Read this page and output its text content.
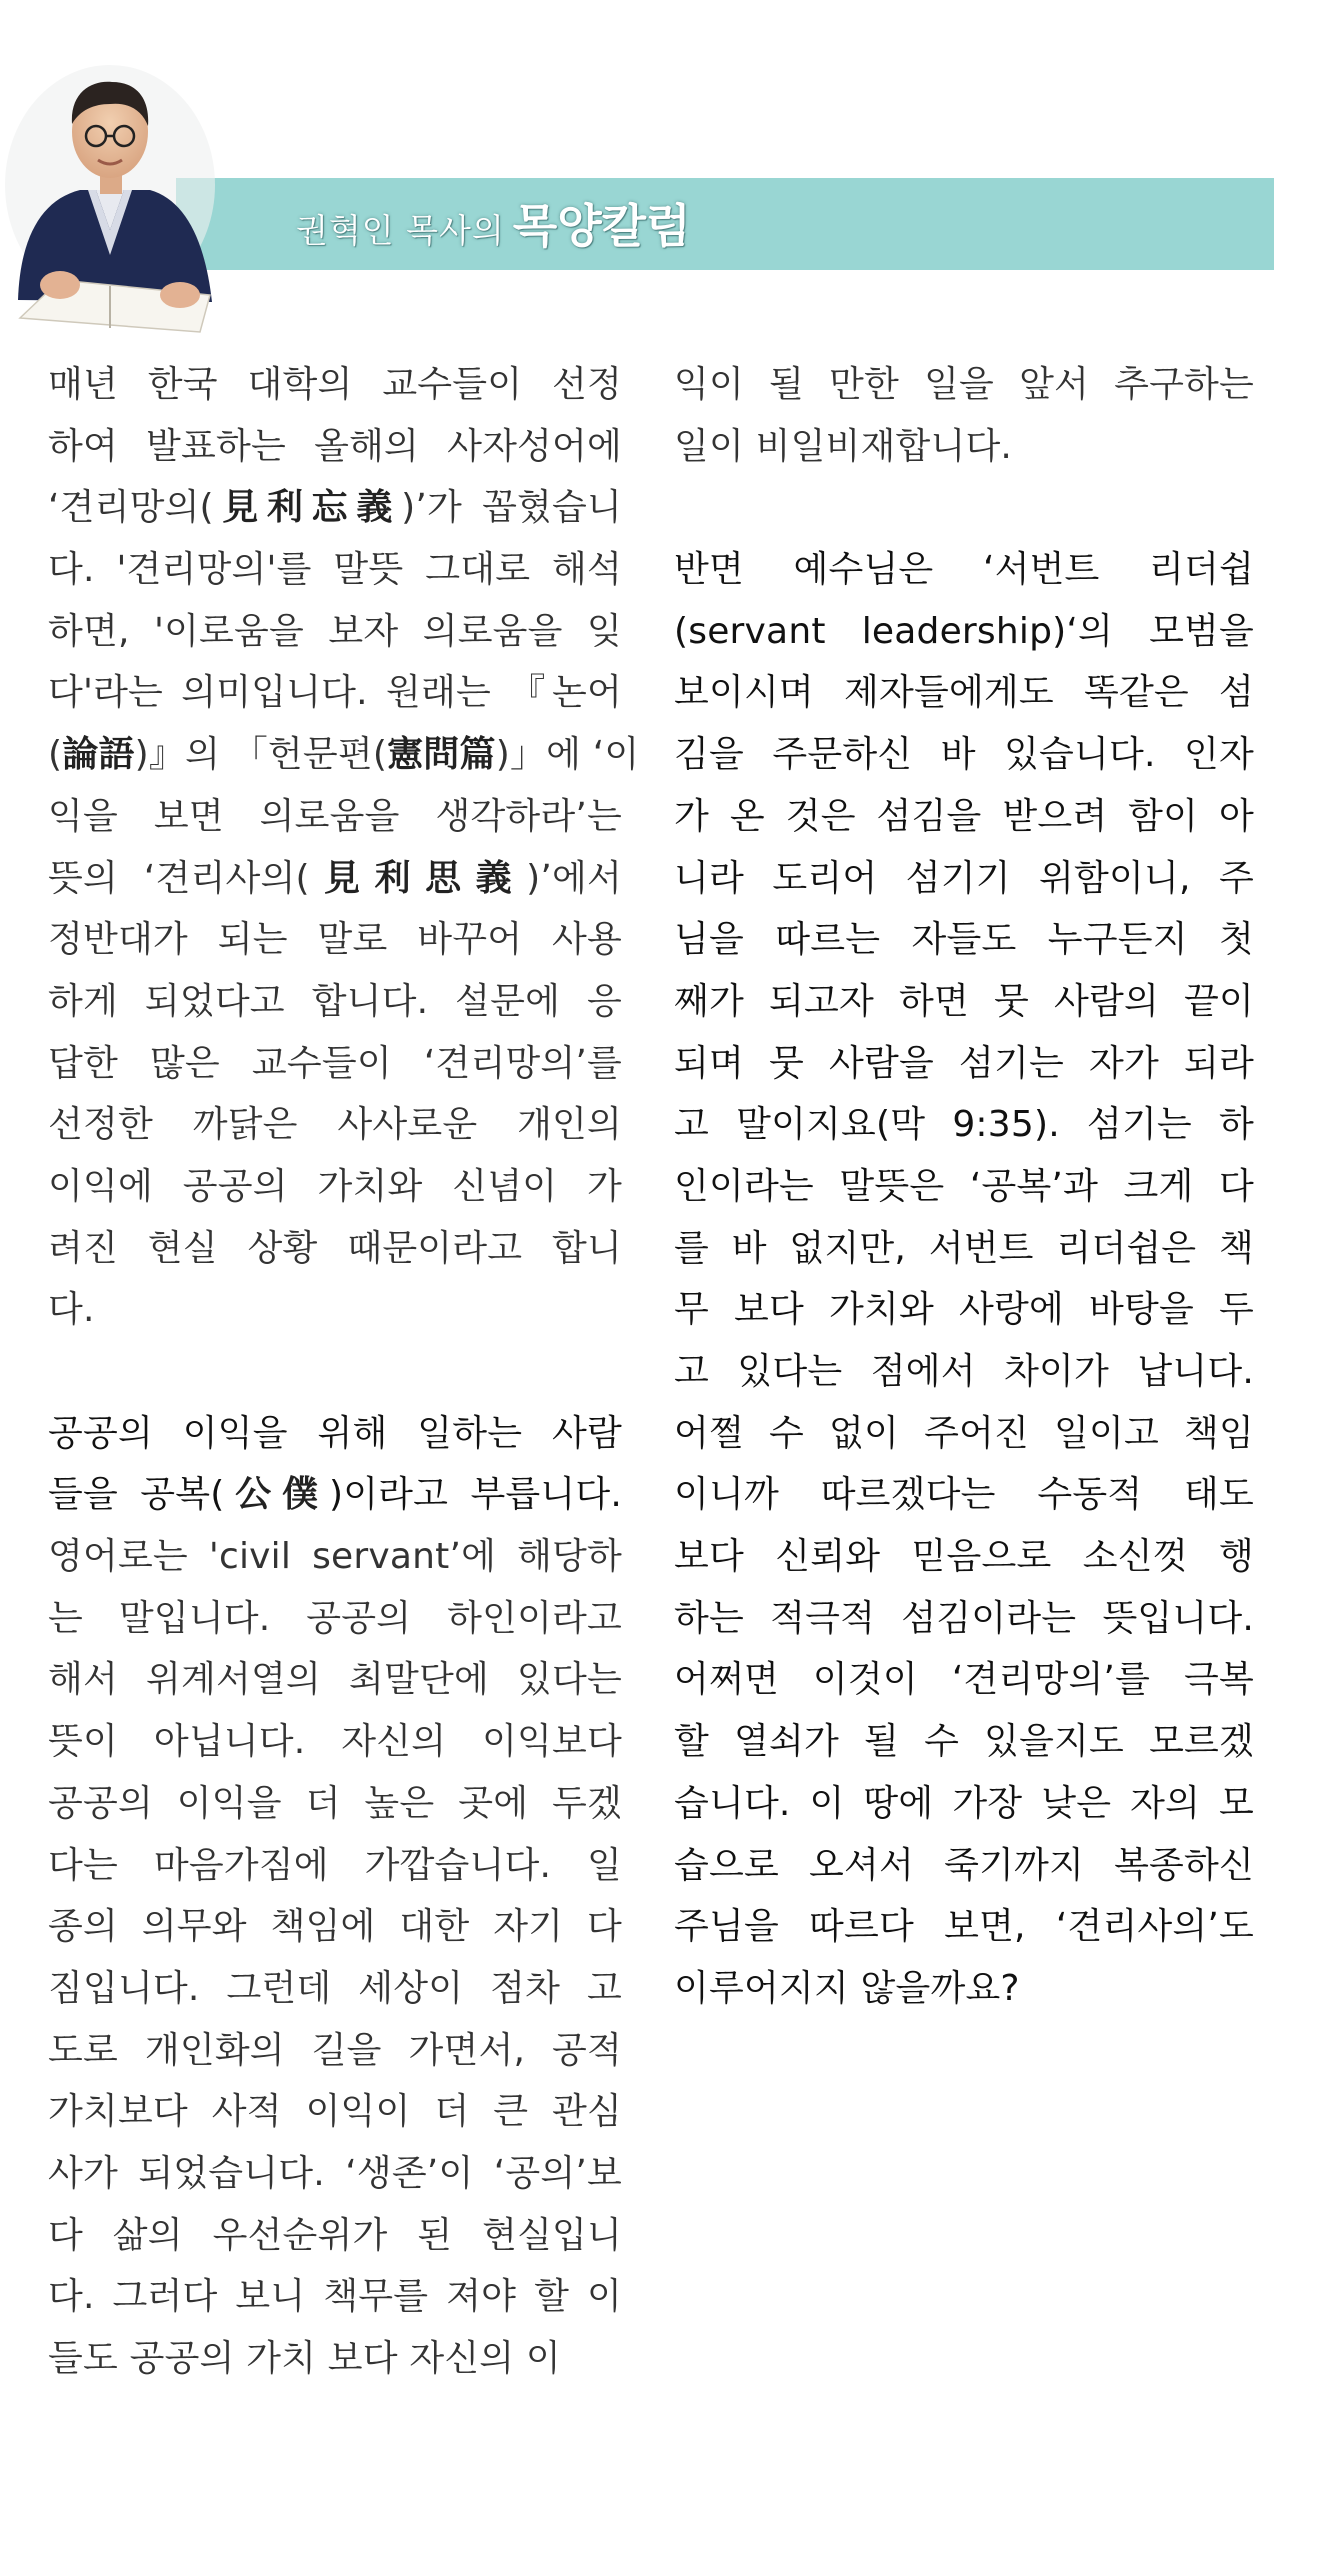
권혁인 목사의 목양칼럼
매년 한국 대학의 교수들이 선정
하여 발표하는 올해의 사자성어에
‘견리망의(見利忘義)’가 꼽혔습니
다. '견리망의'를 말뜻 그대로 해석
하면, '이로움을 보자 의로움을 잊
다'라는 의미입니다. 원래는 『논어
(論語)』의 「헌문편(憲問篇)」에 ‘이
익을 보면 의로움을 생각하라’는
뜻의 ‘견리사의(見利思義)’에서
정반대가 되는 말로 바꾸어 사용
하게 되었다고 합니다. 설문에 응
답한 많은 교수들이 ‘견리망의’를
선정한 까닭은 사사로운 개인의
이익에 공공의 가치와 신념이 가
려진 현실 상황 때문이라고 합니
다.
공공의 이익을 위해 일하는 사람
들을 공복(公僕)이라고 부릅니다.
영어로는 'civil servant’에 해당하
는 말입니다. 공공의 하인이라고
해서 위계서열의 최말단에 있다는
뜻이 아닙니다. 자신의 이익보다
공공의 이익을 더 높은 곳에 두겠
다는 마음가짐에 가깝습니다. 일
종의 의무와 책임에 대한 자기 다
짐입니다. 그런데 세상이 점차 고
도로 개인화의 길을 가면서, 공적
가치보다 사적 이익이 더 큰 관심
사가 되었습니다. ‘생존’이 ‘공의’보
다 삶의 우선순위가 된 현실입니
다. 그러다 보니 책무를 져야 할 이
들도 공공의 가치 보다 자신의 이
익이 될 만한 일을 앞서 추구하는
일이 비일비재합니다.
반면 예수님은 ‘서번트 리더쉽
(servant leadership)‘의 모범을
보이시며 제자들에게도 똑같은 섬
김을 주문하신 바 있습니다. 인자
가 온 것은 섬김을 받으려 함이 아
니라 도리어 섬기기 위함이니, 주
님을 따르는 자들도 누구든지 첫
째가 되고자 하면 뭇 사람의 끝이
되며 뭇 사람을 섬기는 자가 되라
고 말이지요(막 9:35). 섬기는 하
인이라는 말뜻은 ‘공복’과 크게 다
를 바 없지만, 서번트 리더쉽은 책
무 보다 가치와 사랑에 바탕을 두
고 있다는 점에서 차이가 납니다.
어쩔 수 없이 주어진 일이고 책임
이니까 따르겠다는 수동적 태도
보다 신뢰와 믿음으로 소신껏 행
하는 적극적 섬김이라는 뜻입니다.
어쩌면 이것이 ‘견리망의’를 극복
할 열쇠가 될 수 있을지도 모르겠
습니다. 이 땅에 가장 낮은 자의 모
습으로 오셔서 죽기까지 복종하신
주님을 따르다 보면, ‘견리사의’도
이루어지지 않을까요?
